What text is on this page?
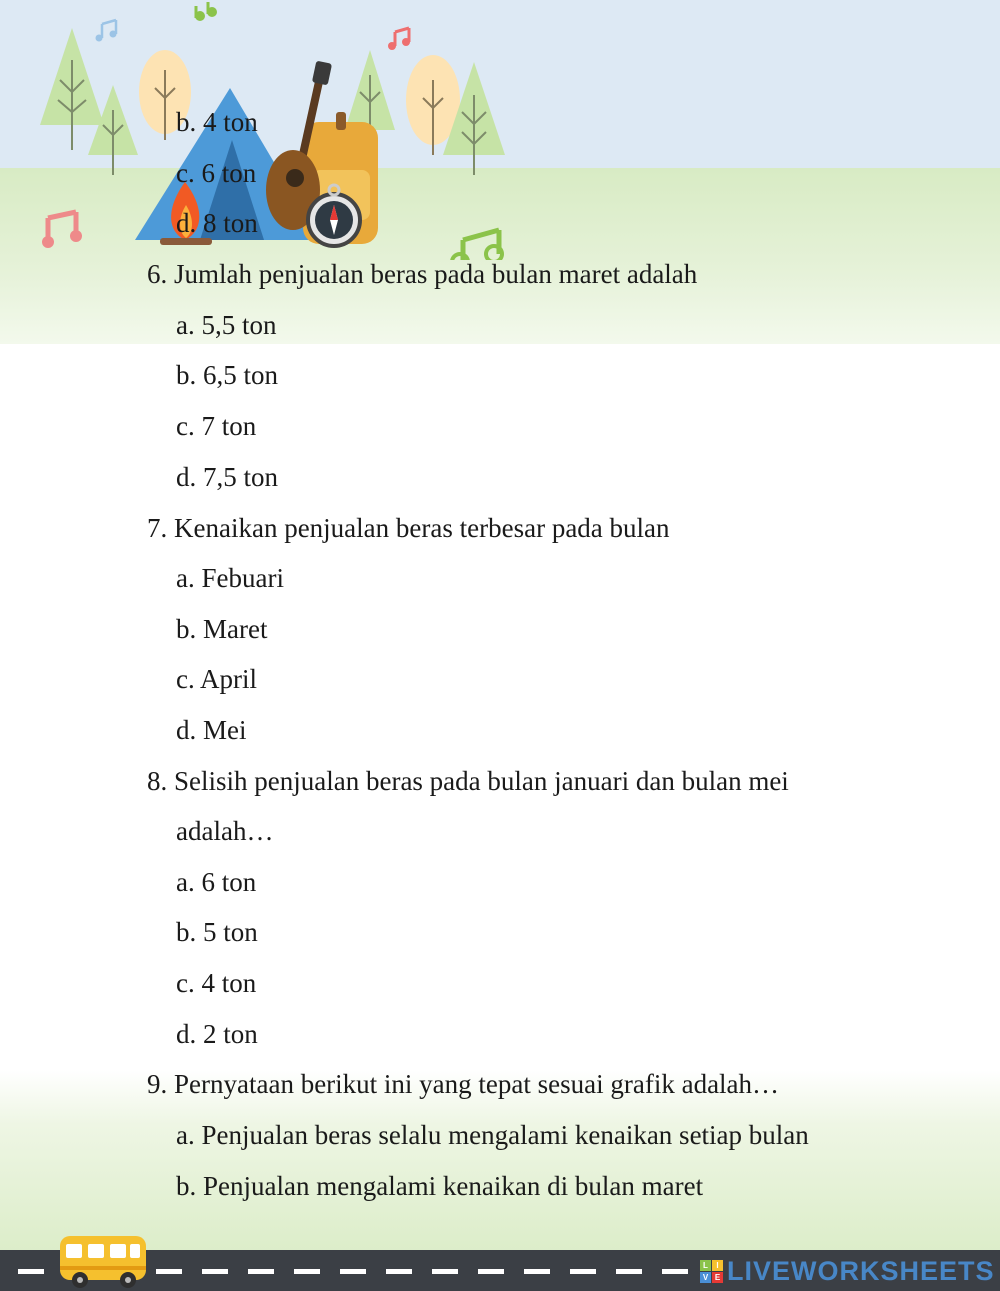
b. 4 ton

c. 6 ton

d. 8 ton

6. Jumlah penjualan beras pada bulan maret adalah

a. 5,5 ton

b. 6,5 ton

c. 7 ton

d. 7,5 ton

7. Kenaikan penjualan beras terbesar pada bulan

a. Febuari

b. Maret

c. April

d. Mei

8. Selisih penjualan beras pada bulan januari dan bulan mei

adalah…

a. 6 ton

b. 5 ton

c. 4 ton

d. 2 ton

9. Pernyataan berikut ini yang tepat sesuai grafik adalah…

a. Penjualan beras selalu mengalami kenaikan setiap bulan

b. Penjualan mengalami kenaikan di bulan maret

L	I
V E LIVEWORKSHEETS
